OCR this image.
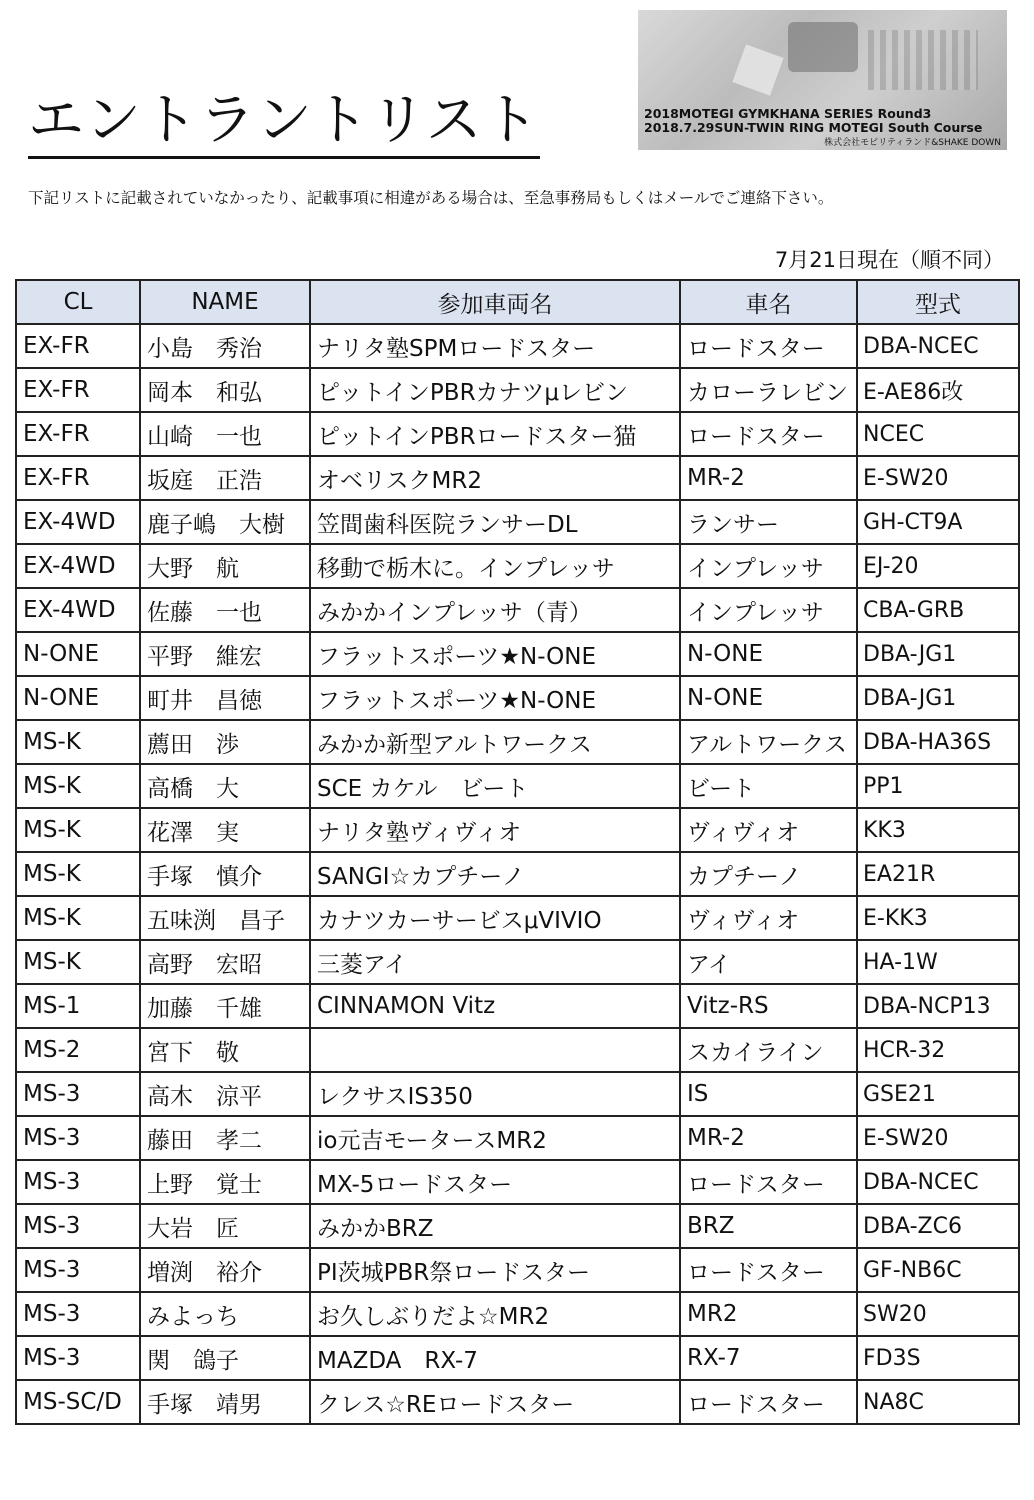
2018MOTEGI GYMKHANA SERIES Round3
2018.7.29SUN-TWIN RING MOTEGI South Course
株式会社モビリティランド&SHAKE DOWN
エントラントリスト
下記リストに記載されていなかったり、記載事項に相違がある場合は、至急事務局もしくはメールでご連絡下さい。
7月21日現在（順不同）
CL	NAME	参加車両名	車名	型式
EX-FR	小島　秀治	ナリタ塾SPMロードスター	ロードスター	DBA-NCEC
EX-FR	岡本　和弘	ピットインPBRカナツμレビン	カローラレビン	E-AE86改
EX-FR	山崎　一也	ピットインPBRロードスター猫	ロードスター	NCEC
EX-FR	坂庭　正浩	オベリスクMR2	MR-2	E-SW20
EX-4WD	鹿子嶋　大樹	笠間歯科医院ランサーDL	ランサー	GH-CT9A
EX-4WD	大野　航	移動で栃木に。インプレッサ	インプレッサ	EJ-20
EX-4WD	佐藤　一也	みかかインプレッサ（青）	インプレッサ	CBA-GRB
N-ONE	平野　維宏	フラットスポーツ★N-ONE	N-ONE	DBA-JG1
N-ONE	町井　昌徳	フラットスポーツ★N-ONE	N-ONE	DBA-JG1
MS-K	薦田　渉	みかか新型アルトワークス	アルトワークス	DBA-HA36S
MS-K	高橋　大	SCE カケル　ビート	ビート	PP1
MS-K	花澤　実	ナリタ塾ヴィヴィオ	ヴィヴィオ	KK3
MS-K	手塚　慎介	SANGI☆カプチーノ	カプチーノ	EA21R
MS-K	五味渕　昌子	カナツカーサービスμVIVIO	ヴィヴィオ	E-KK3
MS-K	高野　宏昭	三菱アイ	アイ	HA-1W
MS-1	加藤　千雄	CINNAMON Vitz	Vitz-RS	DBA-NCP13
MS-2	宮下　敬		スカイライン	HCR-32
MS-3	高木　涼平	レクサスIS350	IS	GSE21
MS-3	藤田　孝二	io元吉モータースMR2	MR-2	E-SW20
MS-3	上野　覚士	MX-5ロードスター	ロードスター	DBA-NCEC
MS-3	大岩　匠	みかかBRZ	BRZ	DBA-ZC6
MS-3	増渕　裕介	PI茨城PBR祭ロードスター	ロードスター	GF-NB6C
MS-3	みよっち	お久しぶりだよ☆MR2	MR2	SW20
MS-3	関　鴿子	MAZDA　RX-7	RX-7	FD3S
MS-SC/D	手塚　靖男	クレス☆REロードスター	ロードスター	NA8C
